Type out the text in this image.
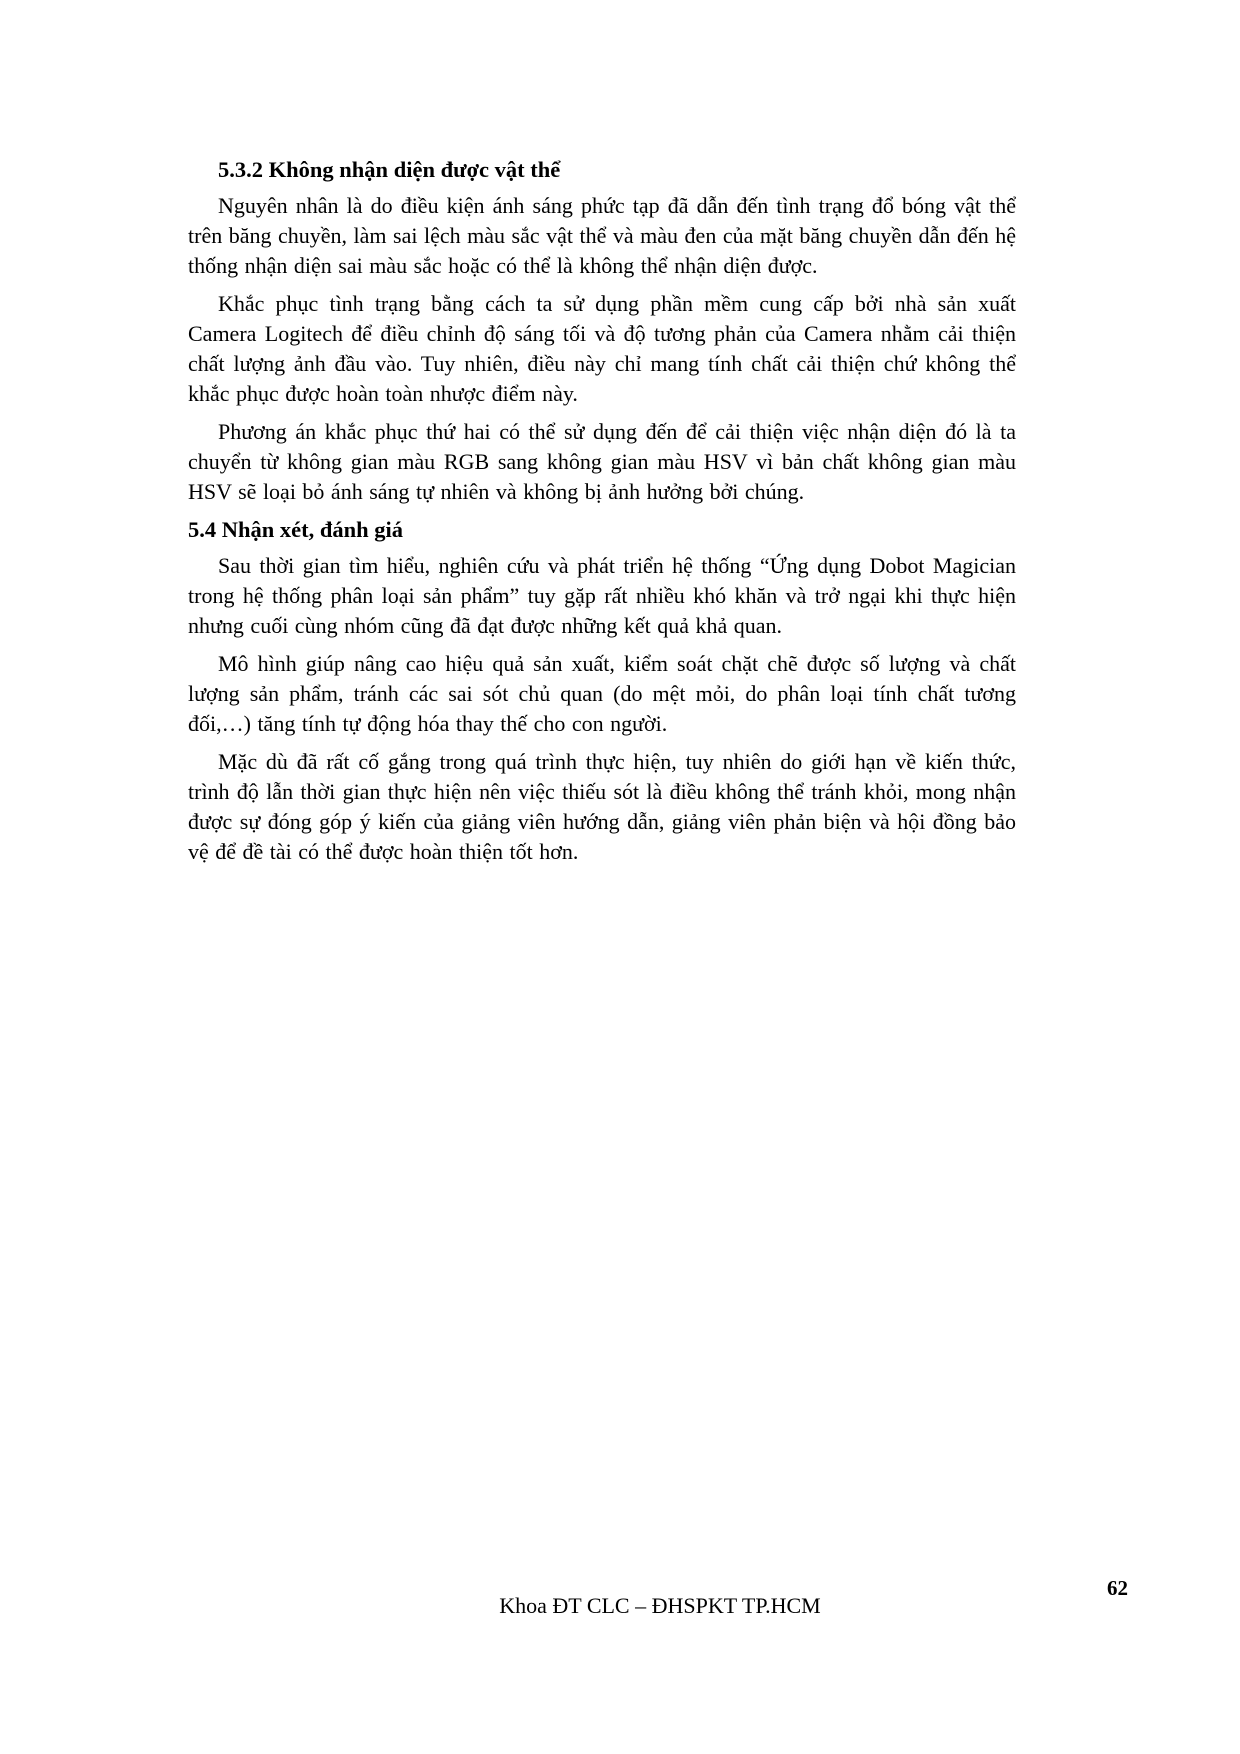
5.3.2 Không nhận diện được vật thể

Nguyên nhân là do điều kiện ánh sáng phức tạp đã dẫn đến tình trạng đổ bóng vật thể trên băng chuyền, làm sai lệch màu sắc vật thể và màu đen của mặt băng chuyền dẫn đến hệ thống nhận diện sai màu sắc hoặc có thể là không thể nhận diện được.

Khắc phục tình trạng bằng cách ta sử dụng phần mềm cung cấp bởi nhà sản xuất Camera Logitech để điều chỉnh độ sáng tối và độ tương phản của Camera nhằm cải thiện chất lượng ảnh đầu vào. Tuy nhiên, điều này chỉ mang tính chất cải thiện chứ không thể khắc phục được hoàn toàn nhược điểm này.

Phương án khắc phục thứ hai có thể sử dụng đến để cải thiện việc nhận diện đó là ta chuyển từ không gian màu RGB sang không gian màu HSV vì bản chất không gian màu HSV sẽ loại bỏ ánh sáng tự nhiên và không bị ảnh hưởng bởi chúng.

5.4 Nhận xét, đánh giá

Sau thời gian tìm hiểu, nghiên cứu và phát triển hệ thống “Ứng dụng Dobot Magician trong hệ thống phân loại sản phẩm” tuy gặp rất nhiều khó khăn và trở ngại khi thực hiện nhưng cuối cùng nhóm cũng đã đạt được những kết quả khả quan.

Mô hình giúp nâng cao hiệu quả sản xuất, kiểm soát chặt chẽ được số lượng và chất lượng sản phẩm, tránh các sai sót chủ quan (do mệt mỏi, do phân loại tính chất tương đối,…) tăng tính tự động hóa thay thế cho con người.

Mặc dù đã rất cố gắng trong quá trình thực hiện, tuy nhiên do giới hạn về kiến thức, trình độ lẫn thời gian thực hiện nên việc thiếu sót là điều không thể tránh khỏi, mong nhận được sự đóng góp ý kiến của giảng viên hướng dẫn, giảng viên phản biện và hội đồng bảo vệ để đề tài có thể được hoàn thiện tốt hơn.

Khoa ĐT CLC – ĐHSPKT TP.HCM
62
